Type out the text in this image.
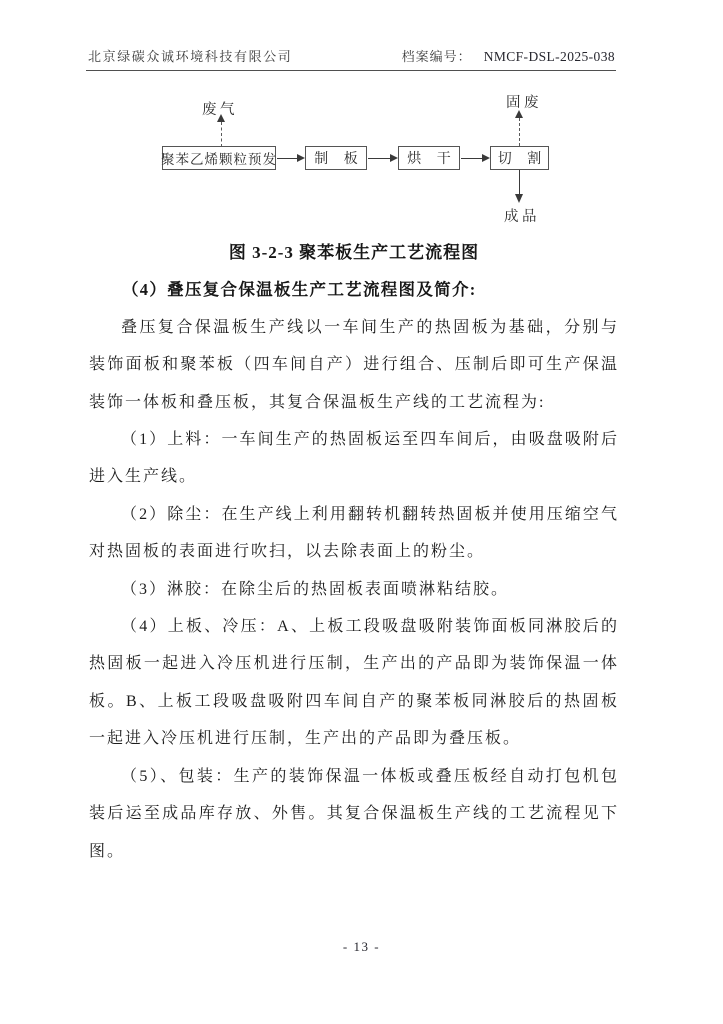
北京绿碳众诚环境科技有限公司	档案编号： NMCF-DSL-2025-038
废气
聚苯乙烯颗粒预发	制 板	烘 干	切 割
固废
成品

图 3-2-3 聚苯板生产工艺流程图

（4）叠压复合保温板生产工艺流程图及简介:

叠压复合保温板生产线以一车间生产的热固板为基础，分别与装饰面板和聚苯板（四车间自产）进行组合、压制后即可生产保温装饰一体板和叠压板，其复合保温板生产线的工艺流程为:

（1）上料：一车间生产的热固板运至四车间后，由吸盘吸附后进入生产线。

（2）除尘：在生产线上利用翻转机翻转热固板并使用压缩空气对热固板的表面进行吹扫，以去除表面上的粉尘。

（3）淋胶：在除尘后的热固板表面喷淋粘结胶。

（4）上板、冷压：A、上板工段吸盘吸附装饰面板同淋胶后的热固板一起进入冷压机进行压制，生产出的产品即为装饰保温一体板。B、上板工段吸盘吸附四车间自产的聚苯板同淋胶后的热固板一起进入冷压机进行压制，生产出的产品即为叠压板。

（5）、包装：生产的装饰保温一体板或叠压板经自动打包机包装后运至成品库存放、外售。其复合保温板生产线的工艺流程见下图。

- 13 -
